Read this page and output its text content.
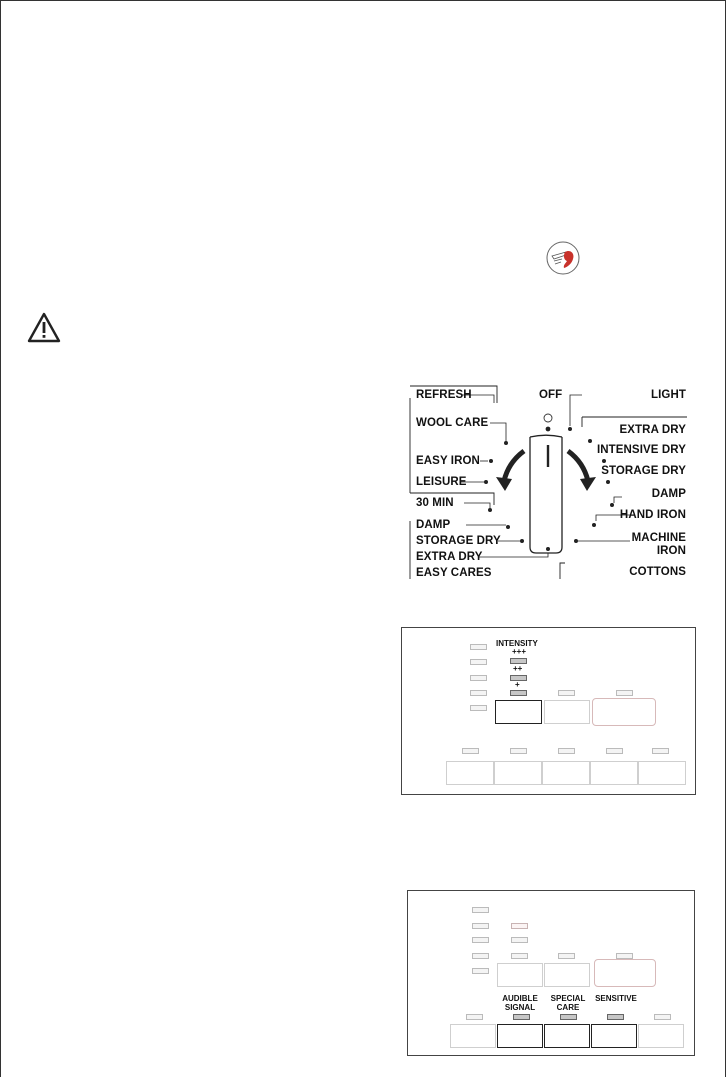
REFRESH
WOOL CARE
EASY IRON
LEISURE
30 MIN
DAMP
STORAGE DRY
EXTRA DRY
EASY CARES
OFF	LIGHT
EXTRA DRY
INTENSIVE DRY
STORAGE DRY
DAMP
HAND IRON
MACHINE
IRON
COTTONS
INTENSITY
+++
++
+
AUDIBLE
SIGNAL
SPECIAL
CARE
SENSITIVE
